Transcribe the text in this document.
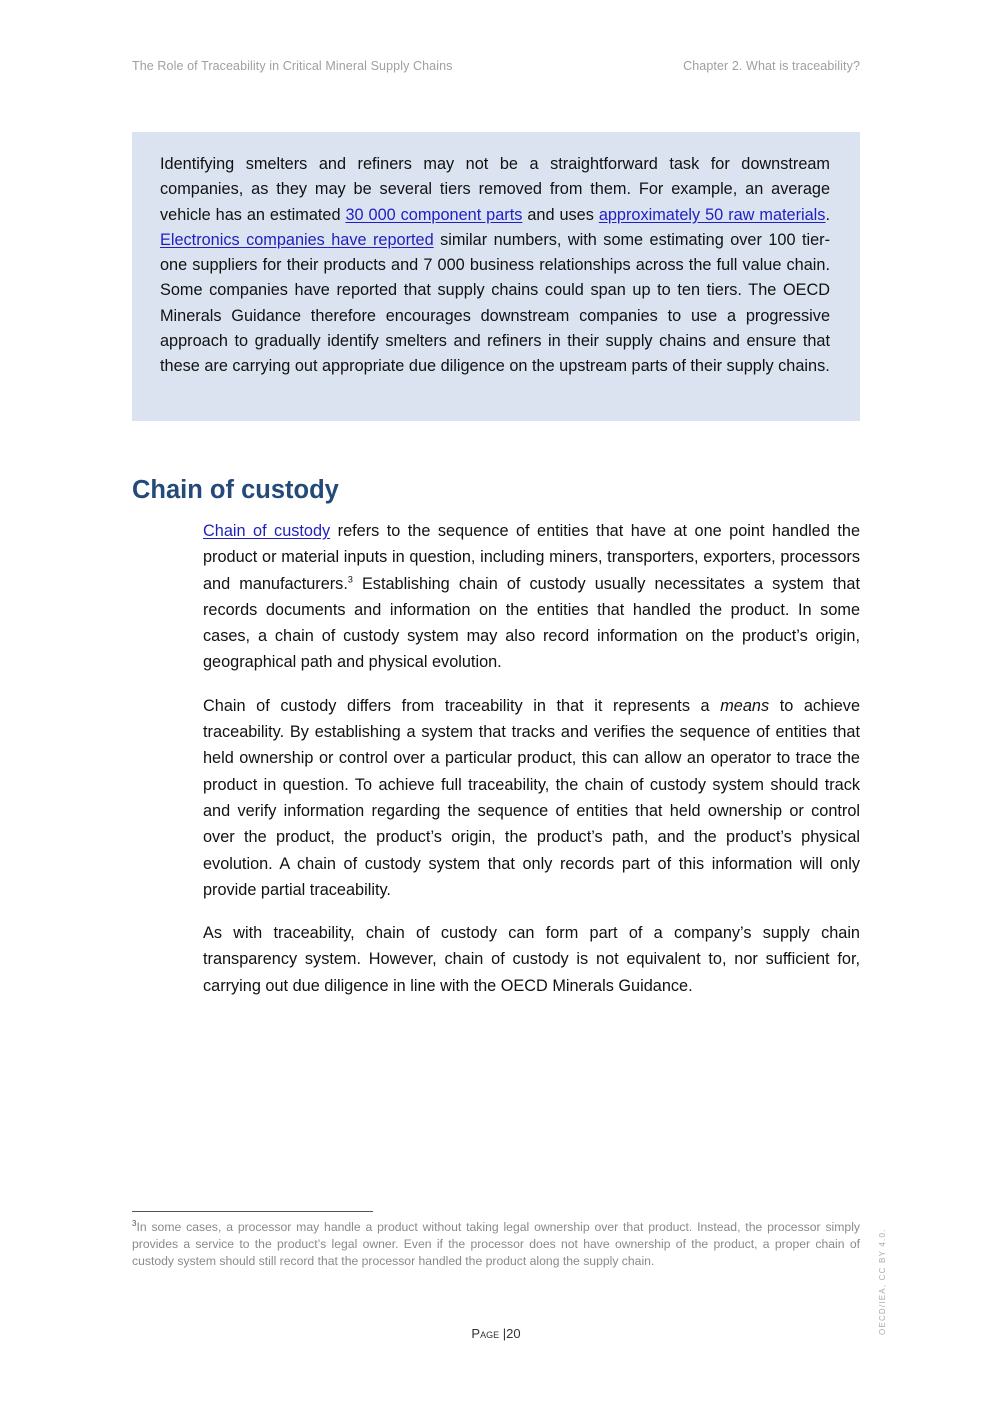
The Role of Traceability in Critical Mineral Supply Chains	Chapter 2. What is traceability?

Identifying smelters and refiners may not be a straightforward task for downstream companies, as they may be several tiers removed from them. For example, an average vehicle has an estimated 30 000 component parts and uses approximately 50 raw materials. Electronics companies have reported similar numbers, with some estimating over 100 tier-one suppliers for their products and 7 000 business relationships across the full value chain. Some companies have reported that supply chains could span up to ten tiers. The OECD Minerals Guidance therefore encourages downstream companies to use a progressive approach to gradually identify smelters and refiners in their supply chains and ensure that these are carrying out appropriate due diligence on the upstream parts of their supply chains.

Chain of custody

Chain of custody refers to the sequence of entities that have at one point handled the product or material inputs in question, including miners, transporters, exporters, processors and manufacturers.$^3$ Establishing chain of custody usually necessitates a system that records documents and information on the entities that handled the product. In some cases, a chain of custody system may also record information on the product’s origin, geographical path and physical evolution.

Chain of custody differs from traceability in that it represents a means to achieve traceability. By establishing a system that tracks and verifies the sequence of entities that held ownership or control over a particular product, this can allow an operator to trace the product in question. To achieve full traceability, the chain of custody system should track and verify information regarding the sequence of entities that held ownership or control over the product, the product’s origin, the product’s path, and the product’s physical evolution. A chain of custody system that only records part of this information will only provide partial traceability.

As with traceability, chain of custody can form part of a company’s supply chain transparency system. However, chain of custody is not equivalent to, nor sufficient for, carrying out due diligence in line with the OECD Minerals Guidance.

$^3$In some cases, a processor may handle a product without taking legal ownership over that product. Instead, the processor simply provides a service to the product’s legal owner. Even if the processor does not have ownership of the product, a proper chain of custody system should still record that the processor handled the product along the supply chain.

Page |20	OECD/IEA, CC BY 4.0.
